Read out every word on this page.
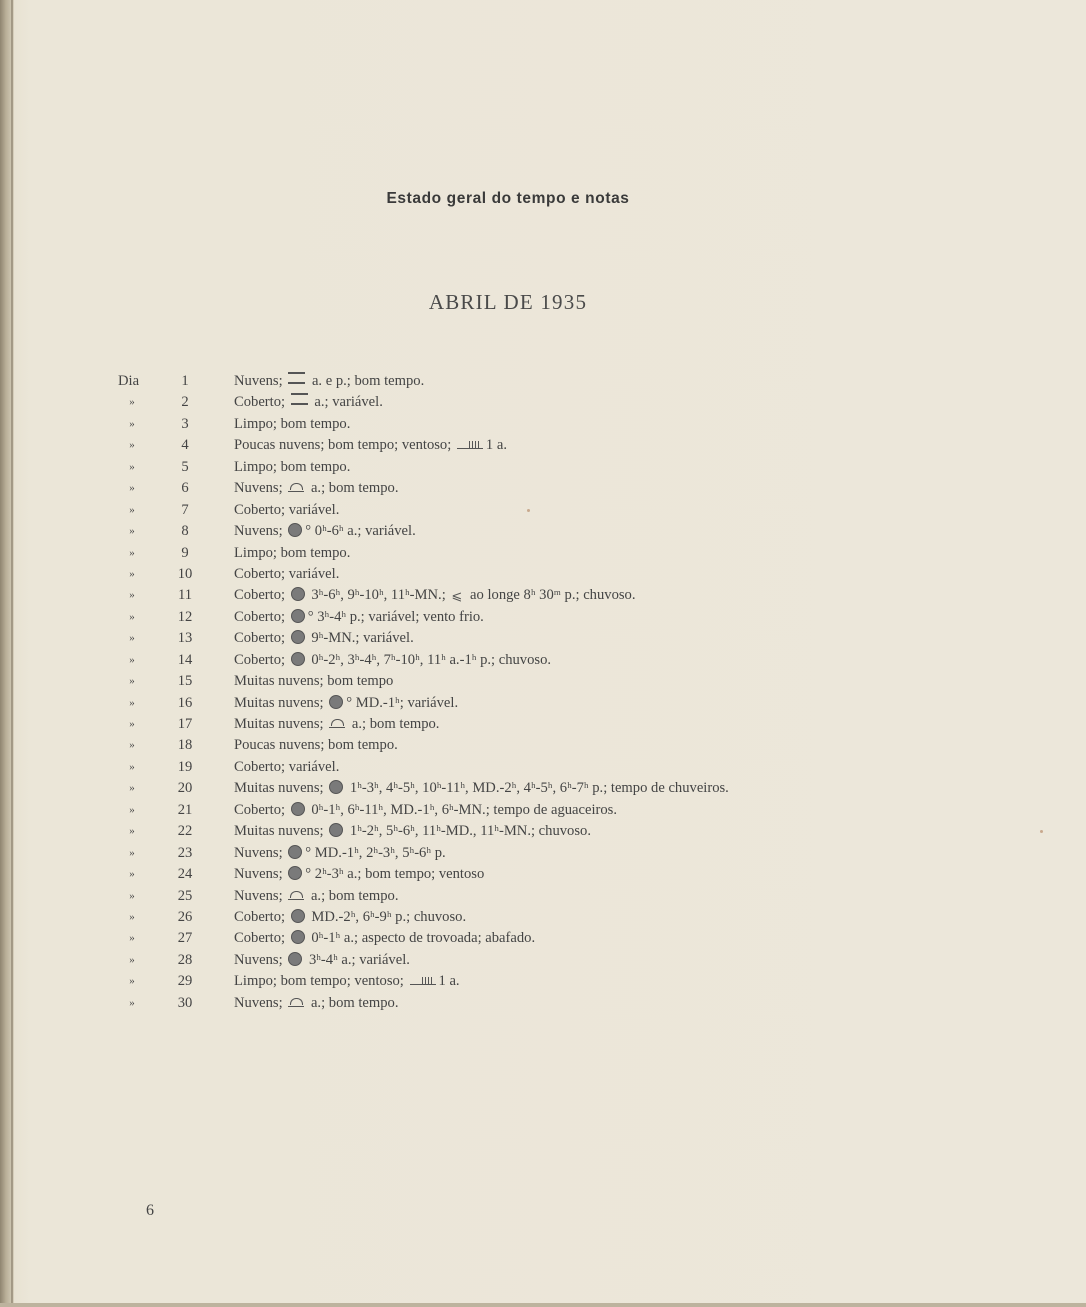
Estado geral do tempo e notas
ABRIL DE 1935
Dia	1	Nuvens;  a. e p.; bom tempo.
»	2	Coberto;  a.; variável.
»	3	Limpo; bom tempo.
»	4	Poucas nuvens; bom tempo; ventoso; 1 a.
»	5	Limpo; bom tempo.
»	6	Nuvens;  a.; bom tempo.
»	7	Coberto; variável.
»	8	Nuvens; ° 0ʰ-6ʰ a.; variável.
»	9	Limpo; bom tempo.
»	10	Coberto; variável.
»	11	Coberto;  3ʰ-6ʰ, 9ʰ-10ʰ, 11ʰ-MN.; ⩽ ao longe 8ʰ 30ᵐ p.; chuvoso.
»	12	Coberto; ° 3ʰ-4ʰ p.; variável; vento frio.
»	13	Coberto;  9ʰ-MN.; variável.
»	14	Coberto;  0ʰ-2ʰ, 3ʰ-4ʰ, 7ʰ-10ʰ, 11ʰ a.-1ʰ p.; chuvoso.
»	15	Muitas nuvens; bom tempo
»	16	Muitas nuvens; ° MD.-1ʰ; variável.
»	17	Muitas nuvens;  a.; bom tempo.
»	18	Poucas nuvens; bom tempo.
»	19	Coberto; variável.
»	20	Muitas nuvens;  1ʰ-3ʰ, 4ʰ-5ʰ, 10ʰ-11ʰ, MD.-2ʰ, 4ʰ-5ʰ, 6ʰ-7ʰ p.; tempo de chuveiros.
»	21	Coberto;  0ʰ-1ʰ, 6ʰ-11ʰ, MD.-1ʰ, 6ʰ-MN.; tempo de aguaceiros.
»	22	Muitas nuvens;  1ʰ-2ʰ, 5ʰ-6ʰ, 11ʰ-MD., 11ʰ-MN.; chuvoso.
»	23	Nuvens; ° MD.-1ʰ, 2ʰ-3ʰ, 5ʰ-6ʰ p.
»	24	Nuvens; ° 2ʰ-3ʰ a.; bom tempo; ventoso
»	25	Nuvens;  a.; bom tempo.
»	26	Coberto;  MD.-2ʰ, 6ʰ-9ʰ p.; chuvoso.
»	27	Coberto;  0ʰ-1ʰ a.; aspecto de trovoada; abafado.
»	28	Nuvens;  3ʰ-4ʰ a.; variável.
»	29	Limpo; bom tempo; ventoso; 1 a.
»	30	Nuvens;  a.; bom tempo.
6
